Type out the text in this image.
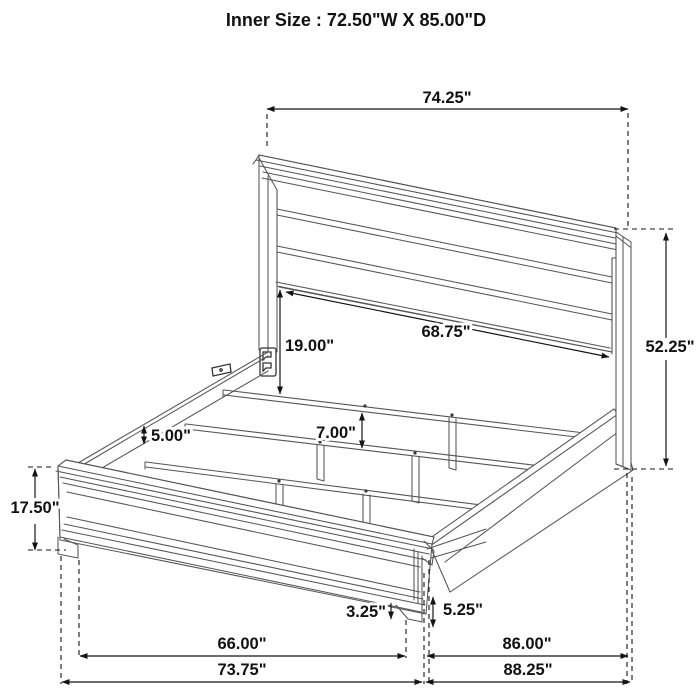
68.75"
19.00"
7.00"
5.00"
74.25"
52.25"
17.50"
3.25"	5.25"
66.00"	86.00"
73.75"	88.25"
Inner Size : 72.50"W X 85.00"D
